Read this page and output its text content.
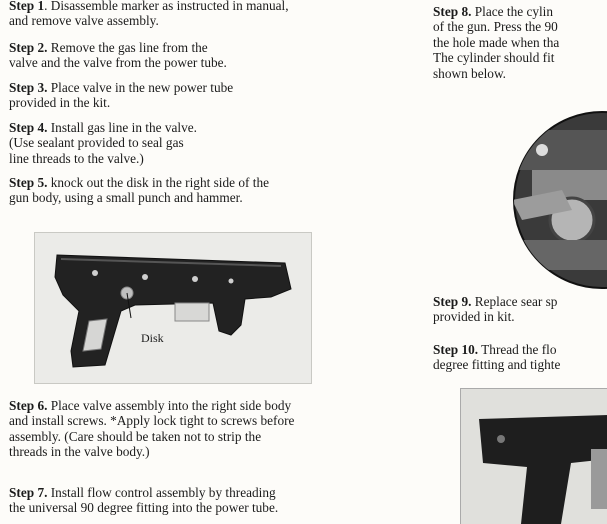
Step 1. Disassemble marker as instructed in manual,
and remove valve assembly.

Step 2. Remove the gas line from the
valve and the valve from the power tube.

Step 3. Place valve in the new power tube
provided in the kit.

Step 4. Install gas line in the valve.
(Use sealant provided to seal gas
line threads to the valve.)

Step 5. knock out the disk in the right side of the
gun body, using a small punch and hammer.

Disk

Step 6. Place valve assembly into the right side body
and install screws. *Apply lock tight to screws before
assembly. (Care should be taken not to strip the
threads in the valve body.)

Step 7. Install flow control assembly by threading
the universal 90 degree fitting into the power tube.

Step 8. Place the cylin
of the gun. Press the 90
the hole made when tha
The cylinder should fit
shown below.

Step 9. Replace sear sp
provided in kit.

Step 10. Thread the flo
degree fitting and tighte
